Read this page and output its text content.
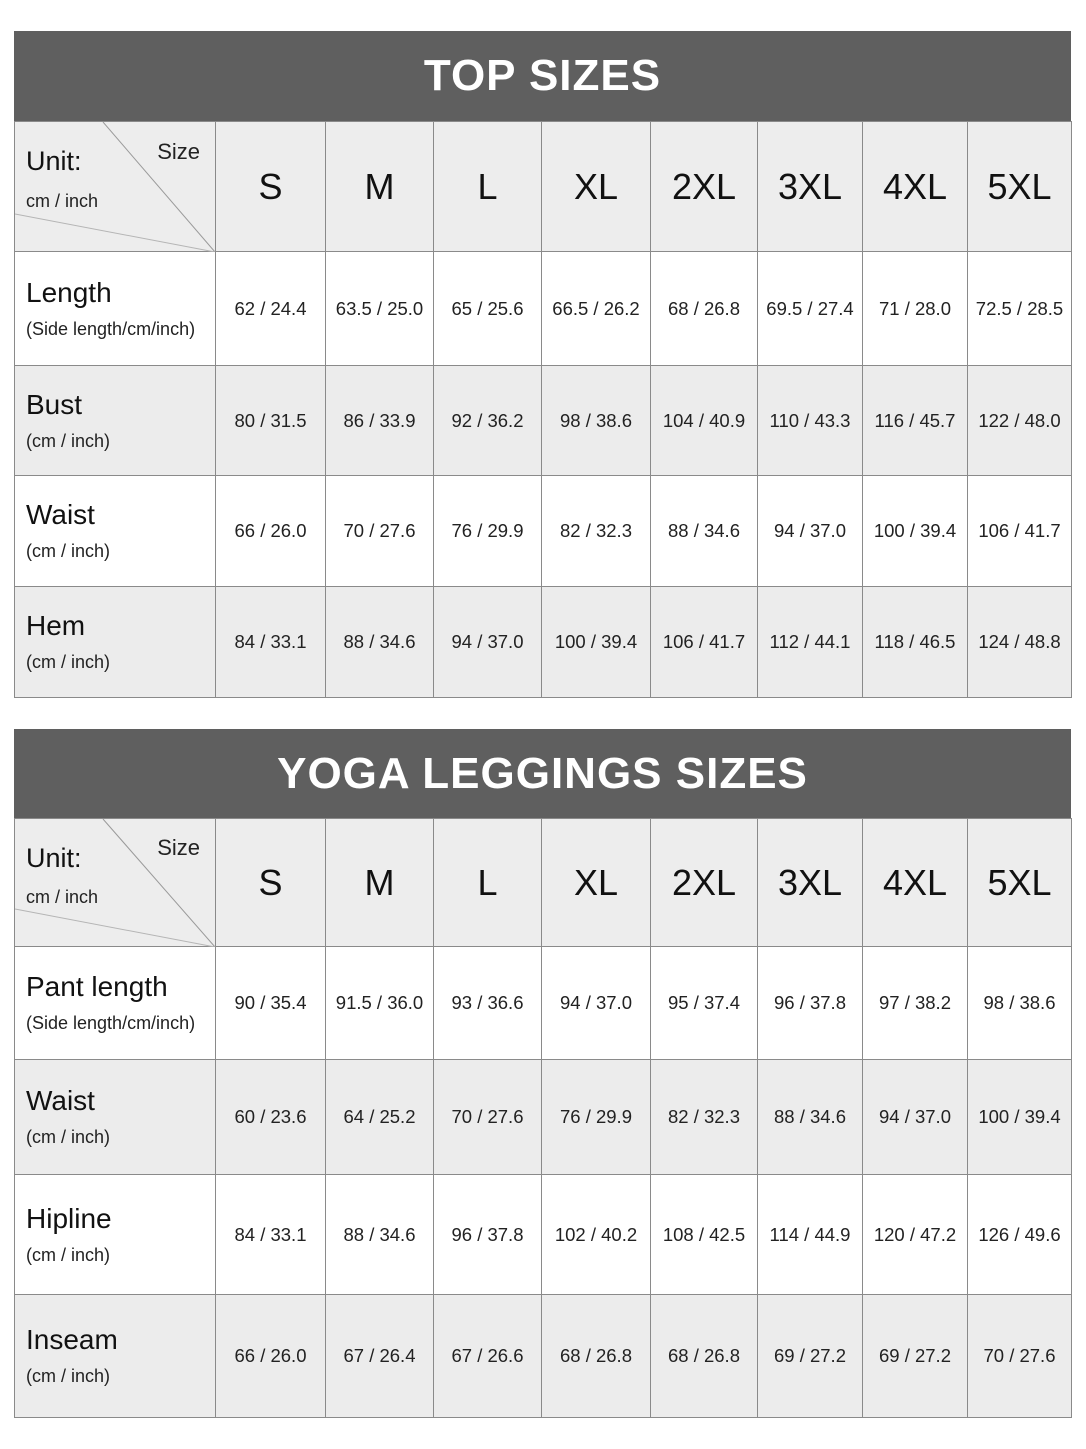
TOP SIZES
Unit:
cm / inch
Size	S	M	L	XL	2XL	3XL	4XL	5XL

Length
(Side length/cm/inch)	62 / 24.4	63.5 / 25.0	65 / 25.6	66.5 / 26.2	68 / 26.8	69.5 / 27.4	71 / 28.0	72.5 / 28.5

Bust
(cm / inch)	80 / 31.5	86 / 33.9	92 / 36.2	98 / 38.6	104 / 40.9	110 / 43.3	116 / 45.7	122 / 48.0

Waist
(cm / inch)	66 / 26.0	70 / 27.6	76 / 29.9	82 / 32.3	88 / 34.6	94 / 37.0	100 / 39.4	106 / 41.7

Hem
(cm / inch)	84 / 33.1	88 / 34.6	94 / 37.0	100 / 39.4	106 / 41.7	112 / 44.1	118 / 46.5	124 / 48.8
YOGA LEGGINGS SIZES
Unit:
cm / inch
Size	S	M	L	XL	2XL	3XL	4XL	5XL

Pant length
(Side length/cm/inch)	90 / 35.4	91.5 / 36.0	93 / 36.6	94 / 37.0	95 / 37.4	96 / 37.8	97 / 38.2	98 / 38.6

Waist
(cm / inch)	60 / 23.6	64 / 25.2	70 / 27.6	76 / 29.9	82 / 32.3	88 / 34.6	94 / 37.0	100 / 39.4

Hipline
(cm / inch)	84 / 33.1	88 / 34.6	96 / 37.8	102 / 40.2	108 / 42.5	114 / 44.9	120 / 47.2	126 / 49.6

Inseam
(cm / inch)	66 / 26.0	67 / 26.4	67 / 26.6	68 / 26.8	68 / 26.8	69 / 27.2	69 / 27.2	70 / 27.6
